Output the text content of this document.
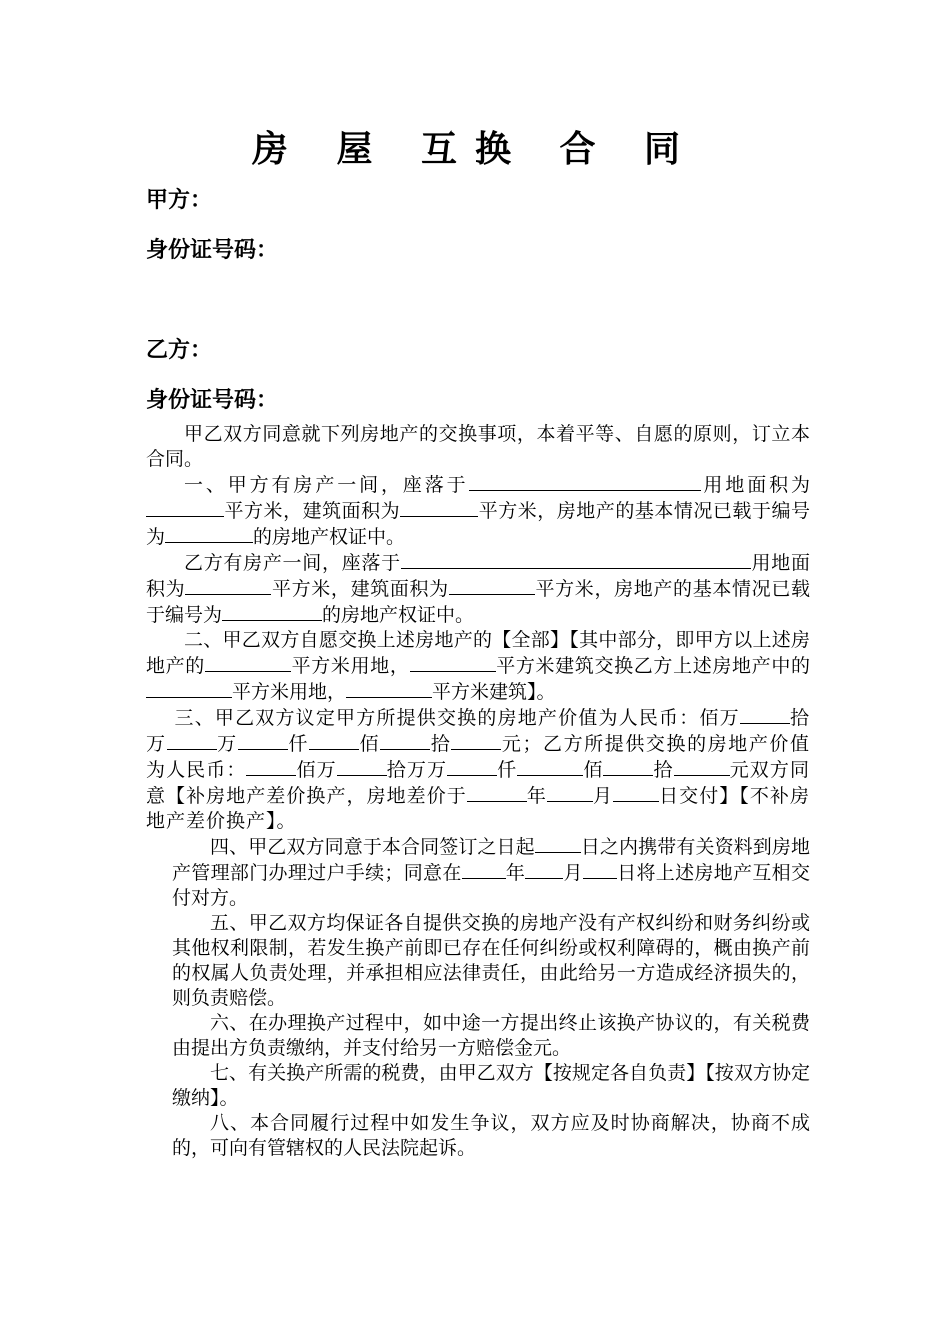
房 屋 互换 合 同
甲方：
身份证号码：
乙方：
身份证号码：

甲乙双方同意就下列房地产的交换事项，本着平等、自愿的原则，订立本合同。

一、甲方有房产一间，座落于	用地面积为平方米，建筑面积为	平方米，房地产的基本情况已载于编号为	的房地产权证中。

乙方有房产一间，座落于	用地面积为	平方米，建筑面积为	平方米，房地产的基本情况已载于编号为	的房地产权证中。

二、甲乙双方自愿交换上述房地产的【全部】【其中部分，即甲方以上述房地产的	平方米用地，	平方米建筑交换乙方上述房地产中的平方米用地，	平方米建筑】。

三、甲乙双方议定甲方所提供交换的房地产价值为人民币：佰万	拾万	万	仟	佰	拾	元；乙方所提供交换的房地产价值为人民币：	佰万	拾万万	仟	佰	拾	元双方同意【补房地产差价换产，房地差价于	年 月 日交付】【不补房地产差价换产】。

四、甲乙双方同意于本合同签订之日起 日之内携带有关资料到房地产管理部门办理过户手续；同意在 年 月 日将上述房地产互相交付对方。

五、甲乙双方均保证各自提供交换的房地产没有产权纠纷和财务纠纷或其他权利限制，若发生换产前即已存在任何纠纷或权利障碍的，概由换产前的权属人负责处理，并承担相应法律责任，由此给另一方造成经济损失的，则负责赔偿。

六、在办理换产过程中，如中途一方提出终止该换产协议的，有关税费由提出方负责缴纳，并支付给另一方赔偿金元。

七、有关换产所需的税费，由甲乙双方【按规定各自负责】【按双方协定缴纳】。

八、本合同履行过程中如发生争议，双方应及时协商解决，协商不成的，可向有管辖权的人民法院起诉。
